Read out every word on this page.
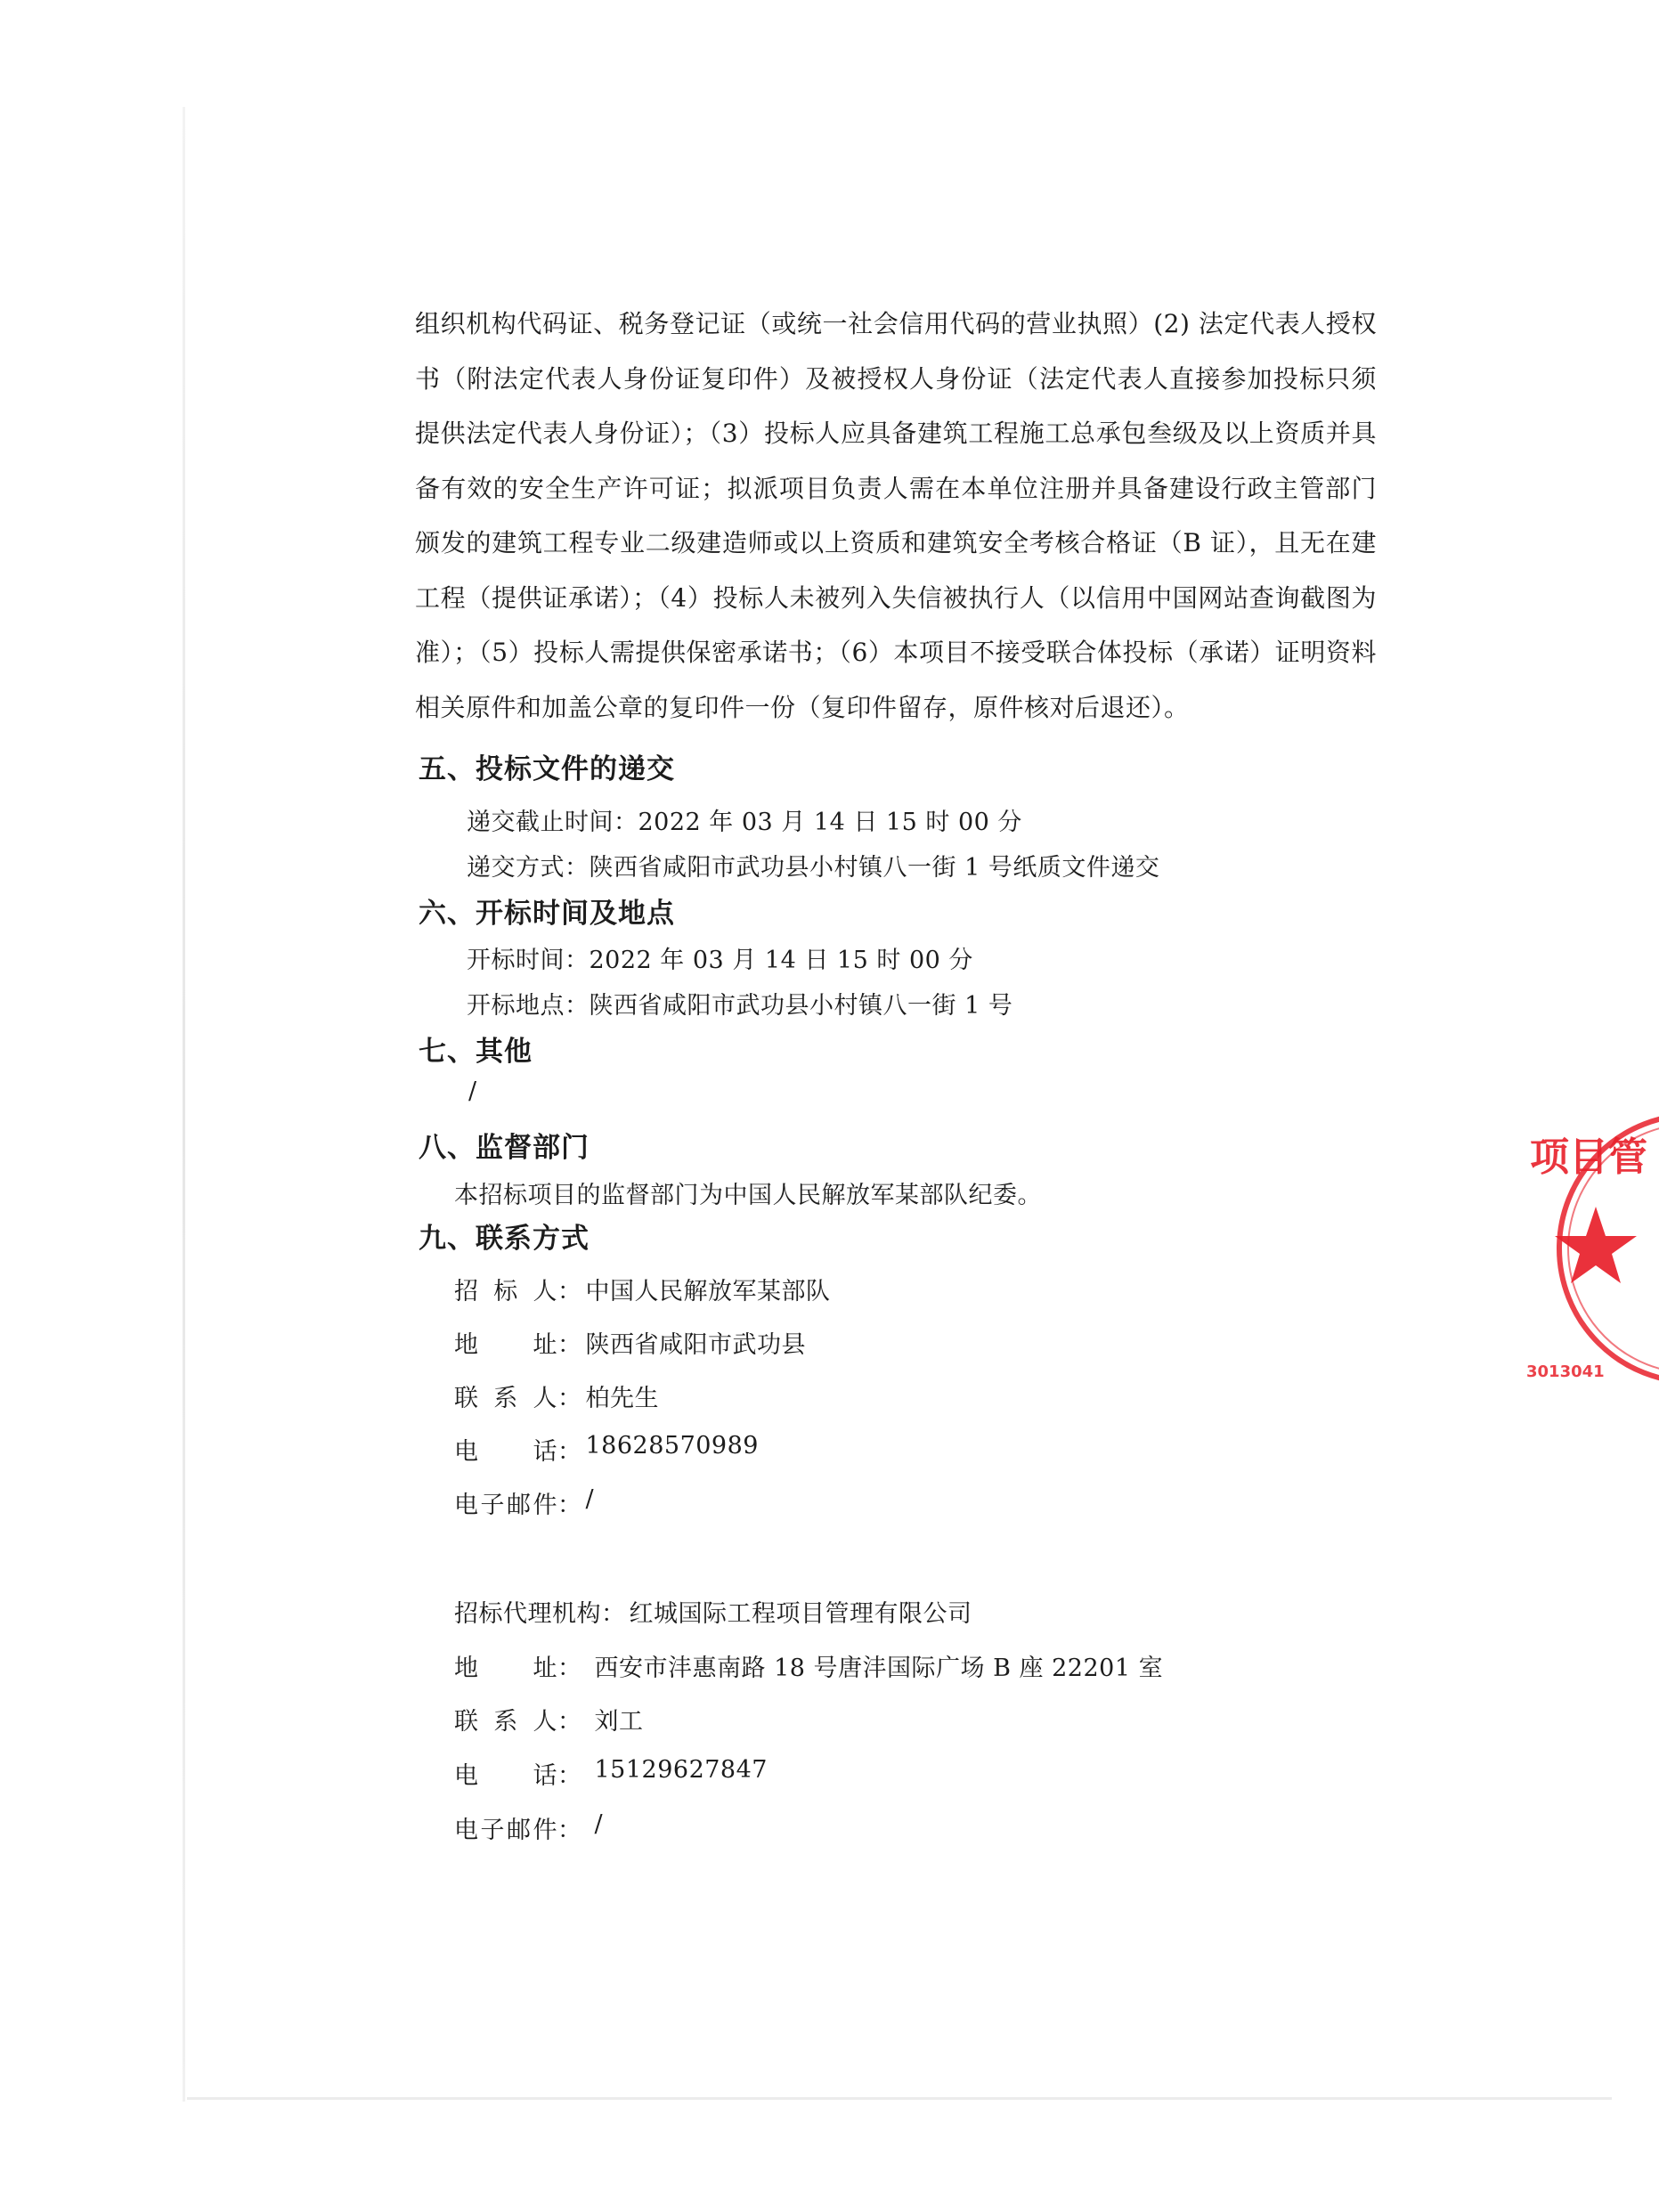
组织机构代码证、税务登记证（或统一社会信用代码的营业执照）(2) 法定代表人授权书（附法定代表人身份证复印件）及被授权人身份证（法定代表人直接参加投标只须提供法定代表人身份证）；（3）投标人应具备建筑工程施工总承包叁级及以上资质并具备有效的安全生产许可证；拟派项目负责人需在本单位注册并具备建设行政主管部门颁发的建筑工程专业二级建造师或以上资质和建筑安全考核合格证（B 证），且无在建工程（提供证承诺）；（4）投标人未被列入失信被执行人（以信用中国网站查询截图为准）；（5）投标人需提供保密承诺书；（6）本项目不接受联合体投标（承诺）证明资料相关原件和加盖公章的复印件一份（复印件留存，原件核对后退还）。
五、投标文件的递交
递交截止时间：2022 年 03 月 14 日 15 时 00 分
递交方式：陕西省咸阳市武功县小村镇八一街 1 号纸质文件递交
六、开标时间及地点
开标时间：2022 年 03 月 14 日 15 时 00 分
开标地点：陕西省咸阳市武功县小村镇八一街 1 号
七、其他
/
八、监督部门
本招标项目的监督部门为中国人民解放军某部队纪委。
九、联系方式
招 标 人 ： 中国人民解放军某部队
地 址 ： 陕西省咸阳市武功县
联 系 人 ： 柏先生
电 话 ： 18628570989
电子邮件 ： /
招标代理机构 ： 红城国际工程项目管理有限公司
地 址 ： 西安市沣惠南路 18 号唐沣国际广场 B 座 22201 室
联 系 人 ： 刘工
电 话 ： 15129627847
电子邮件 ： /
项目管
3013041
